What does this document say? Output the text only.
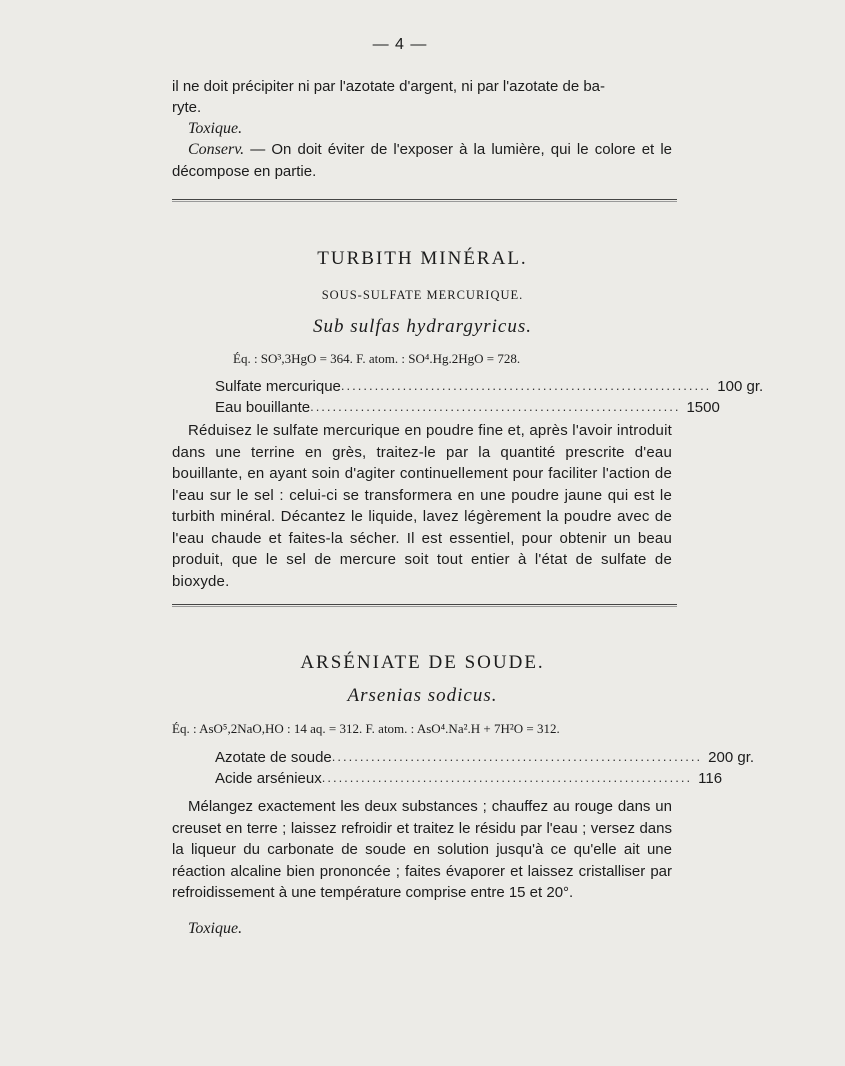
— 4 —

il ne doit précipiter ni par l'azotate d'argent, ni par l'azotate de ba-

ryte.

Toxique.

Conserv. — On doit éviter de l'exposer à la lumière, qui le colore et le décompose en partie.

TURBITH MINÉRAL.
SOUS-SULFATE MERCURIQUE.
Sub sulfas hydrargyricus.
Éq. : SO³,3HgO = 364. F. atom. : SO⁴.Hg.2HgO = 728.
Sulfate mercurique .................................................................. 100 gr.
Eau bouillante .................................................................. 1500

Réduisez le sulfate mercurique en poudre fine et, après l'avoir introduit dans une terrine en grès, traitez-le par la quantité prescrite d'eau bouillante, en ayant soin d'agiter continuellement pour faciliter l'action de l'eau sur le sel : celui-ci se transformera en une poudre jaune qui est le turbith minéral. Décantez le liquide, lavez légèrement la poudre avec de l'eau chaude et faites-la sécher. Il est essentiel, pour obtenir un beau produit, que le sel de mercure soit tout entier à l'état de sulfate de bioxyde.

ARSÉNIATE DE SOUDE.
Arsenias sodicus.
Éq. : AsO⁵,2NaO,HO : 14 aq. = 312. F. atom. : AsO⁴.Na².H + 7H²O = 312.
Azotate de soude .................................................................. 200 gr.
Acide arsénieux .................................................................. 116

Mélangez exactement les deux substances ; chauffez au rouge dans un creuset en terre ; laissez refroidir et traitez le résidu par l'eau ; versez dans la liqueur du carbonate de soude en solution jusqu'à ce qu'elle ait une réaction alcaline bien prononcée ; faites évaporer et laissez cristalliser par refroidissement à une température comprise entre 15 et 20°.

Toxique.
